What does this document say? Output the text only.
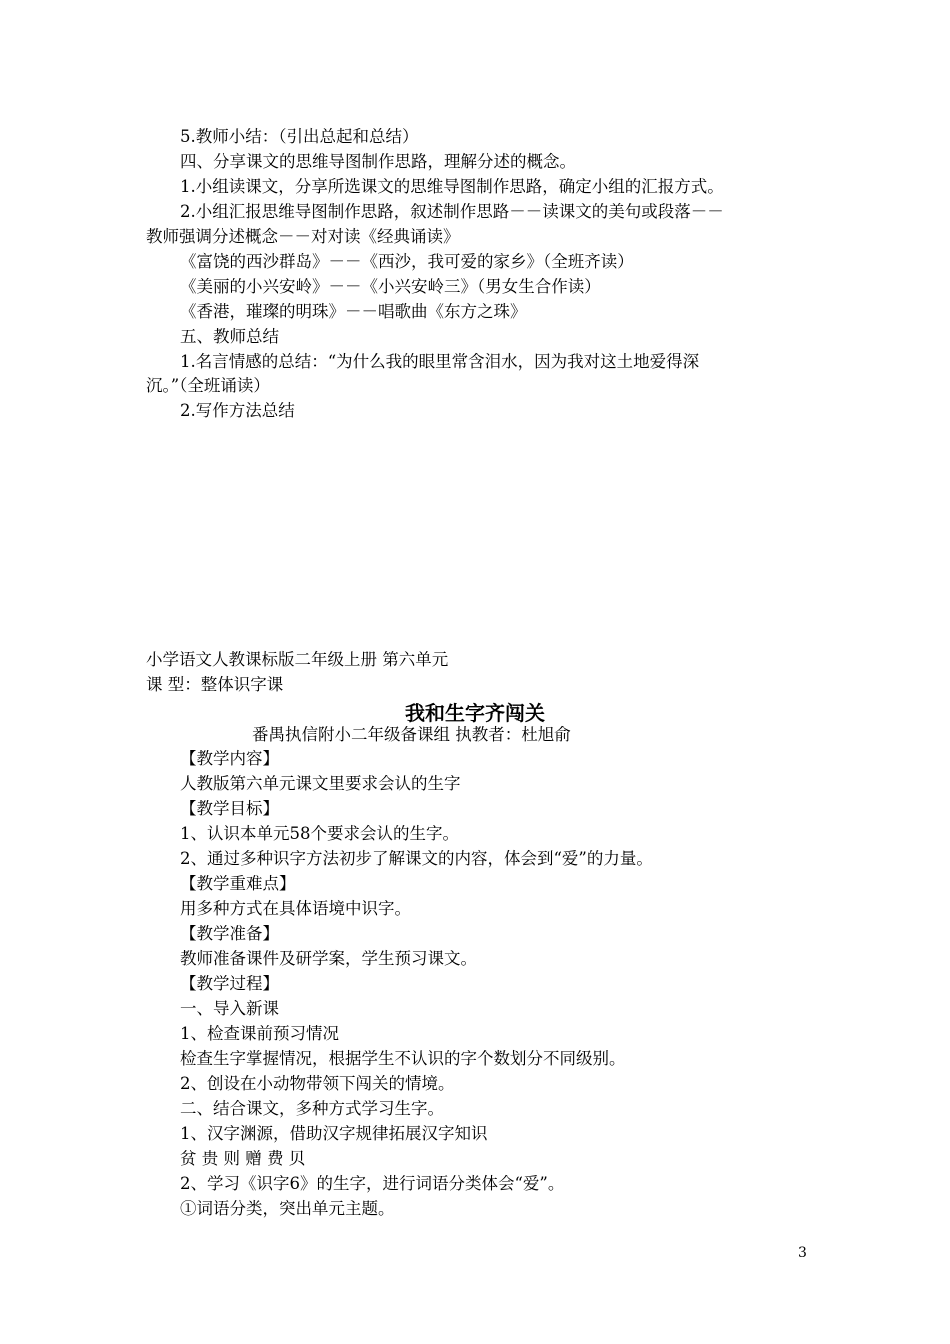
5.教师小结：（引出总起和总结）
四、分享课文的思维导图制作思路，理解分述的概念。
1.小组读课文，分享所选课文的思维导图制作思路，确定小组的汇报方式。
2.小组汇报思维导图制作思路，叙述制作思路－－读课文的美句或段落－－
教师强调分述概念－－对对读《经典诵读》
《富饶的西沙群岛》－－《西沙，我可爱的家乡》（全班齐读）
《美丽的小兴安岭》－－《小兴安岭三》（男女生合作读）
《香港，璀璨的明珠》－－唱歌曲《东方之珠》
五、教师总结
1.名言情感的总结：“为什么我的眼里常含泪水，因为我对这土地爱得深
沉。”（全班诵读）
2.写作方法总结
小学语文人教课标版二年级上册 第六单元
课 型：整体识字课
我和生字齐闯关
番禺执信附小二年级备课组 执教者：杜旭俞
【教学内容】
人教版第六单元课文里要求会认的生字
【教学目标】
1、认识本单元58个要求会认的生字。
2、通过多种识字方法初步了解课文的内容，体会到“爱”的力量。
【教学重难点】
用多种方式在具体语境中识字。
【教学准备】
教师准备课件及研学案，学生预习课文。
【教学过程】
一、导入新课
1、检查课前预习情况
检查生字掌握情况，根据学生不认识的字个数划分不同级别。
2、创设在小动物带领下闯关的情境。
二、结合课文，多种方式学习生字。
1、汉字渊源，借助汉字规律拓展汉字知识
贫 贵 则 赠 费 贝
2、学习《识字6》的生字，进行词语分类体会“爱”。
①词语分类，突出单元主题。
3
